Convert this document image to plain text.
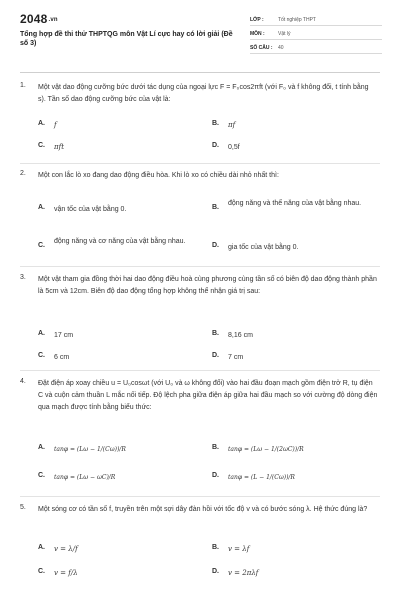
2048.vn
Tổng hợp đề thi thử THPTQG môn Vật Lí cực hay có lời giải (Đề số 3)
LỚP :	Tốt nghiệp THPT
MÔN :	Vật lý
SỐ CÂU :	40
1.	Một vật dao động cưỡng bức dưới tác dụng của ngoại lực F = F₀cos2πft (với F₀ và f không đổi, t tính bằng s). Tần số dao động cưỡng bức của vật là:
A. f	B. πf
C. πft	D. 0,5f
2.	Một con lắc lò xo đang dao động điều hòa. Khi lò xo có chiều dài nhỏ nhất thì:
A. vận tốc của vật bằng 0.	B.
động năng và thế năng của vật bằng nhau.
C.
động năng và cơ năng của vật bằng nhau.
D. gia tốc của vật bằng 0.
3.	Một vật tham gia đồng thời hai dao động điều hoà cùng phương cùng tần số có biên độ dao động thành phần là 5cm và 12cm. Biên độ dao động tổng hợp không thể nhận giá trị sau:
A. 17 cm	B. 8,16 cm
C. 6 cm	D. 7 cm
4.	Đặt điện áp xoay chiều u = U₀cosωt (với U₀ và ω không đổi) vào hai đầu đoạn mạch gồm điện trở R, tụ điện C và cuộn cảm thuần L mắc nối tiếp. Độ lệch pha giữa điện áp giữa hai đầu mạch so với cường độ dòng điện qua mạch được tính bằng biểu thức:
A. tanφ = (Lω − 1/(Cω))/R	B. tanφ = (Lω − 1/(2ωC))/R
C. tanφ = (Lω − ωC)/R	D. tanφ = (L − 1/(Cω))/R
5.	Một sóng cơ có tần số f, truyền trên một sợi dây đàn hồi với tốc độ v và có bước sóng λ. Hệ thức đúng là?
A. v = λ/f	B. v = λf
C. v = f/λ	D. v = 2πλf
